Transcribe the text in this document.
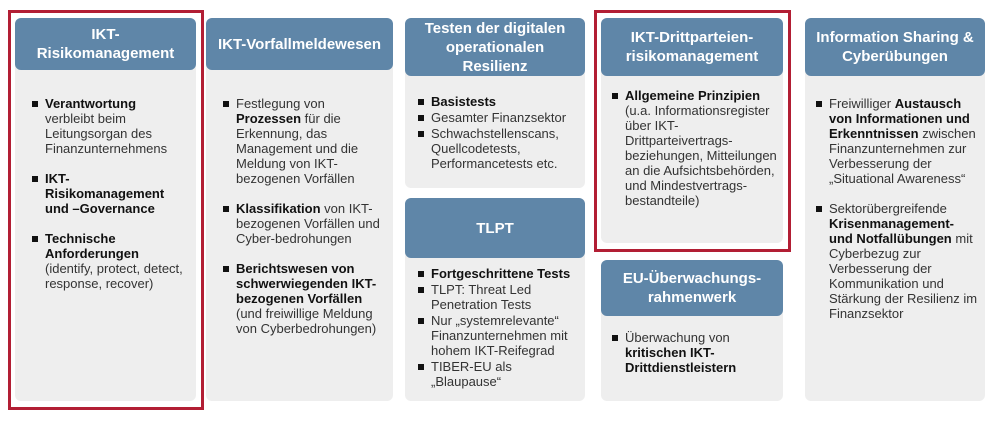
IKT-Risikomanagement
Verantwortung verbleibt beim Leitungsorgan des Finanzunternehmens
IKT-Risikomanagement und –Governance
Technische Anforderungen (identify, protect, detect, response, recover)
IKT-Vorfallmeldewesen
Festlegung von Prozessen für die Erkennung, das Management und die Meldung von IKT-bezogenen Vorfällen
Klassifikation von IKT-bezogenen Vorfällen und Cyber-bedrohungen
Berichtswesen von schwerwiegenden IKT-bezogenen Vorfällen (und freiwillige Meldung von Cyberbedrohungen)
Testen der digitalen operationalen Resilienz
Basistests
Gesamter Finanzsektor
Schwachstellenscans, Quellcodetests, Performancetests etc.
TLPT
Fortgeschrittene Tests
TLPT: Threat Led Penetration Tests
Nur „systemrelevante“ Finanzunternehmen mit hohem IKT-Reifegrad
TIBER-EU als „Blaupause“
IKT-Drittparteien-risikomanagement
Allgemeine Prinzipien (u.a. Informationsregister über IKT-Drittparteivertrags-beziehungen, Mitteilungen an die Aufsichtsbehörden, und Mindestvertrags-bestandteile)
EU-Überwachungs-rahmenwerk
Überwachung von kritischen IKT-Drittdienstleistern
Information Sharing & Cyberübungen
Freiwilliger Austausch von Informationen und Erkenntnissen zwischen Finanzunternehmen zur Verbesserung der „Situational Awareness“
Sektorübergreifende Krisenmanagement- und Notfallübungen mit Cyberbezug zur Verbesserung der Kommunikation und Stärkung der Resilienz im Finanzsektor
